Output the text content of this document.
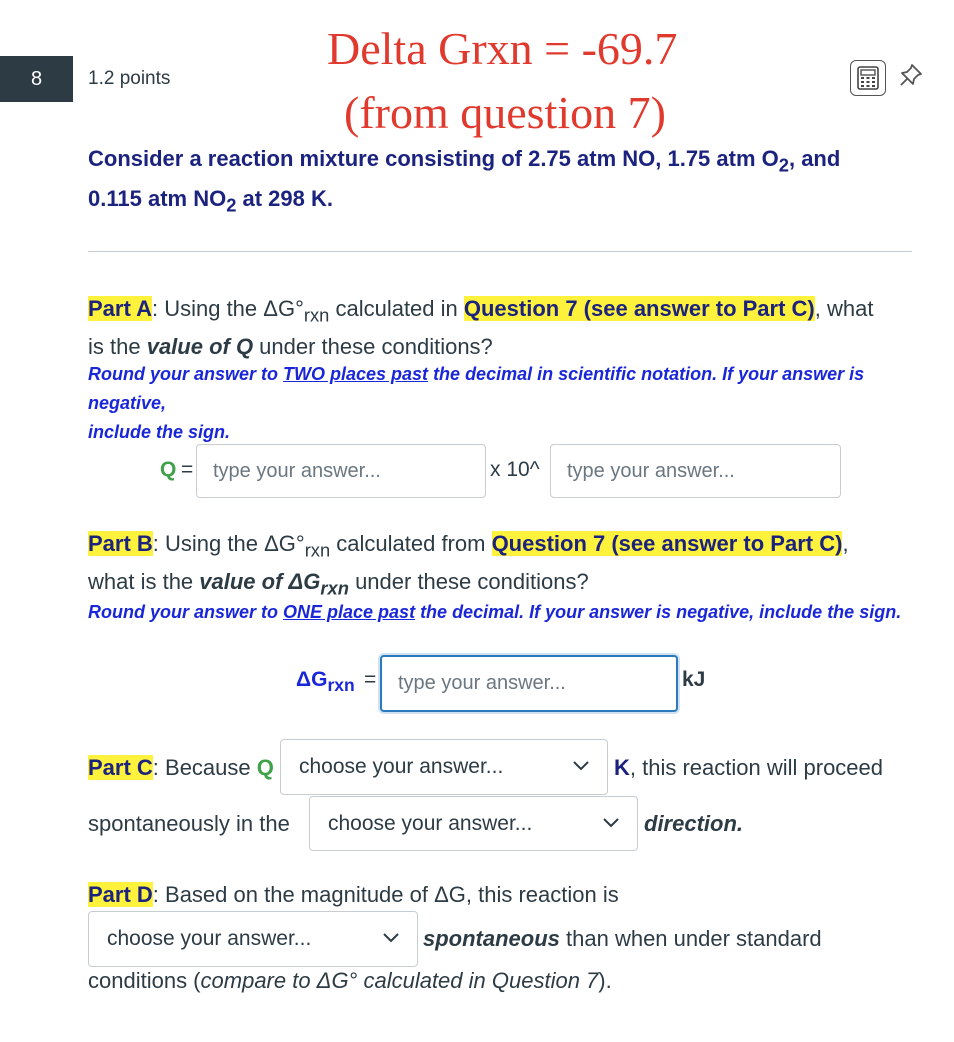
8	1.2 points
Delta Grxn = -69.7
(from question 7)
Consider a reaction mixture consisting of 2.75 atm NO, 1.75 atm $O_2$, and
0.115 atm $NO_2$ at 298 K.
Part A: Using the $\Delta G^\circ_{rxn}$ calculated in Question 7 (see answer to Part C), what
is the value of Q under these conditions?
Round your answer to TWO places past the decimal in scientific notation. If your answer is negative,
include the sign.
Q = type your answer...	x 10^	type your answer...
Part B: Using the $\Delta G^\circ_{rxn}$ calculated from Question 7 (see answer to Part C),
what is the value of $\Delta G_{rxn}$ under these conditions?
Round your answer to ONE place past the decimal. If your answer is negative, include the sign.
$\Delta G_{rxn}$ =	type your answer...	kJ
Part C: Because Q choose your answer...	K, this reaction will proceed
spontaneously in the choose your answer...	direction.
Part D: Based on the magnitude of ΔG, this reaction is
choose your answer...	spontaneous than when under standard
conditions (compare to ΔG° calculated in Question 7).
